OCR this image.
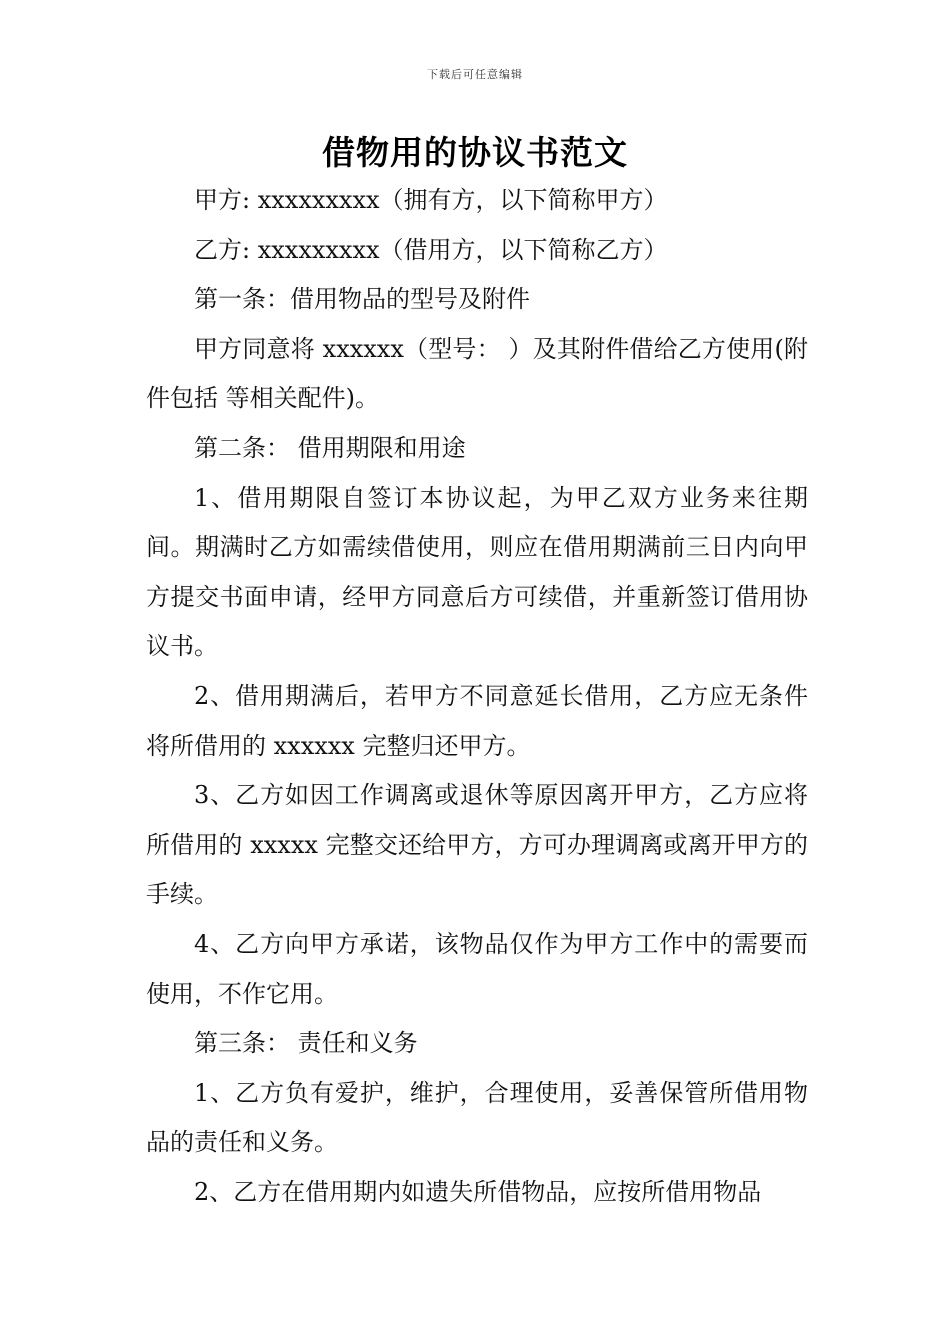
下载后可任意编辑
借物用的协议书范文

甲方: xxxxxxxxx（拥有方，以下简称甲方）

乙方: xxxxxxxxx（借用方，以下简称乙方）

第一条：借用物品的型号及附件

甲方同意将 xxxxxx（型号： ）及其附件借给乙方使用(附件包括 等相关配件)。

第二条： 借用期限和用途

1、借用期限自签订本协议起，为甲乙双方业务来往期间。期满时乙方如需续借使用，则应在借用期满前三日内向甲方提交书面申请，经甲方同意后方可续借，并重新签订借用协议书。

2、借用期满后，若甲方不同意延长借用，乙方应无条件将所借用的 xxxxxx 完整归还甲方。

3、乙方如因工作调离或退休等原因离开甲方，乙方应将所借用的 xxxxx 完整交还给甲方，方可办理调离或离开甲方的手续。

4、乙方向甲方承诺，该物品仅作为甲方工作中的需要而使用，不作它用。

第三条： 责任和义务

1、乙方负有爱护，维护，合理使用，妥善保管所借用物品的责任和义务。

2、乙方在借用期内如遗失所借物品，应按所借用物品
